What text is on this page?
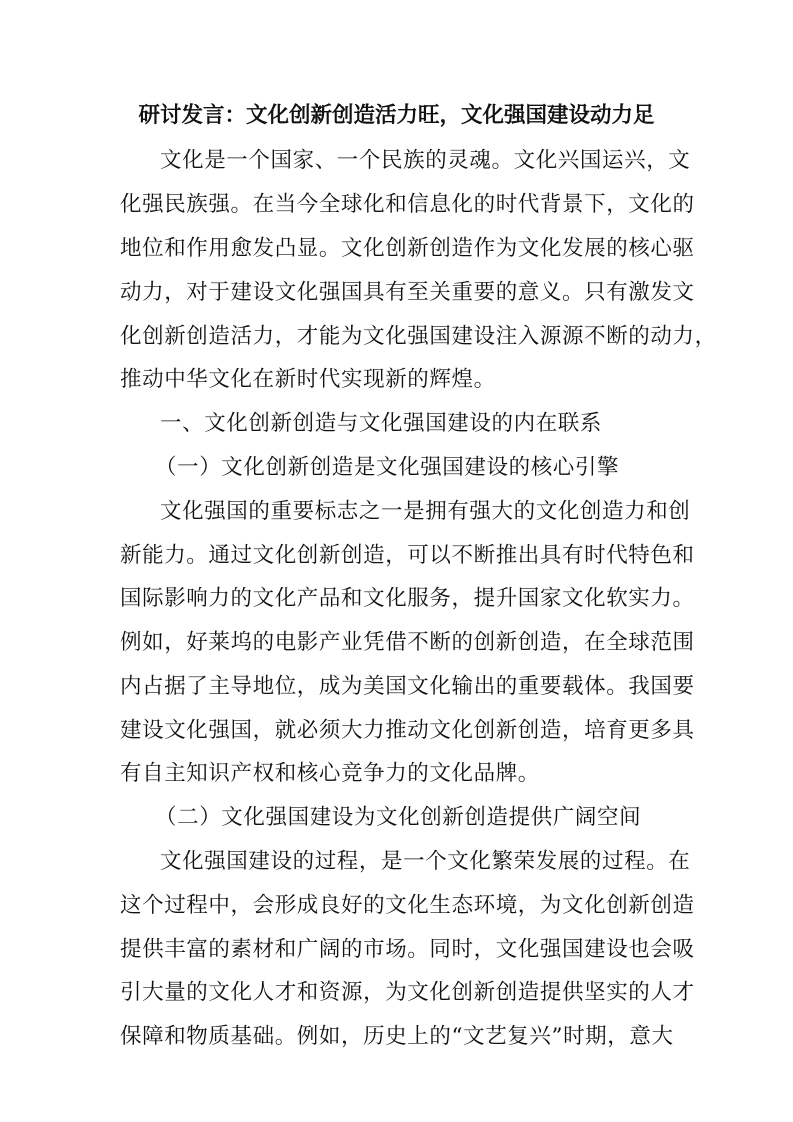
研讨发言：文化创新创造活力旺，文化强国建设动力足
文化是一个国家、一个民族的灵魂。文化兴国运兴，文
化强民族强。在当今全球化和信息化的时代背景下，文化的
地位和作用愈发凸显。文化创新创造作为文化发展的核心驱
动力，对于建设文化强国具有至关重要的意义。只有激发文
化创新创造活力，才能为文化强国建设注入源源不断的动力，
推动中华文化在新时代实现新的辉煌。
一、文化创新创造与文化强国建设的内在联系
（一）文化创新创造是文化强国建设的核心引擎
文化强国的重要标志之一是拥有强大的文化创造力和创
新能力。通过文化创新创造，可以不断推出具有时代特色和
国际影响力的文化产品和文化服务，提升国家文化软实力。
例如，好莱坞的电影产业凭借不断的创新创造，在全球范围
内占据了主导地位，成为美国文化输出的重要载体。我国要
建设文化强国，就必须大力推动文化创新创造，培育更多具
有自主知识产权和核心竞争力的文化品牌。
（二）文化强国建设为文化创新创造提供广阔空间
文化强国建设的过程，是一个文化繁荣发展的过程。在
这个过程中，会形成良好的文化生态环境，为文化创新创造
提供丰富的素材和广阔的市场。同时，文化强国建设也会吸
引大量的文化人才和资源，为文化创新创造提供坚实的人才
保障和物质基础。例如，历史上的“文艺复兴”时期，意大
